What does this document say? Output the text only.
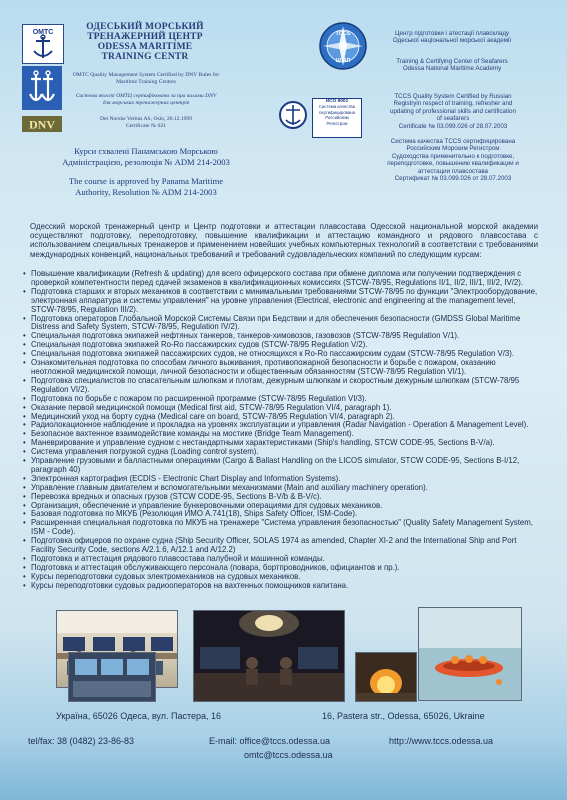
OMTC
DNV
ОДЕСЬКИЙ МОРСЬКИЙ
ТРЕНАЖЕРНИЙ ЦЕНТР
ODESSA MARITIME
TRAINING CENTR
OMTC Quality Management System Certified by DNV Rules for Maritime Training Centres
Система якості ОМТЦ сертифікована за пра вилами DNV для морських тренажерних центрів
Det Norske Veritas AS, Oslo, 20.12.1999
Certificate № 021
TCCS
ЦПАП
Центр підготовки і атестації плавскладу
Одеської національної морської академії
Training & Certifying Center of Seafarers
Odessa National Maritime Academy
ИСО 9001
Система качества
сертифицирована
Российским
Регистром
TCCS Quality System Certified by Russian
Registryin respect of training, refresher and
updating of professional skills and certification
of seafarers
Certificate № 03.099.026 of 28.07.2003
Система качества TCCS сертифицирована
Российским Морским Регистром
Судоходства применительно к подготовке,
переподготовке, повышению квалификации и
аттестации плавсостава
Сертификат № 03.099.026 от 28.07.2003
Курси схвалені Панамською Морською Адміністрацією, резолюція № ADM 214-2003
The course is approved by Panama Maritime Authority, Resolution № ADM 214-2003
Одесский морской тренажерный центр и Центр подготовки и аттестации плавсостава Одесской национальной морской академии осуществляют подготовку, переподготовку, повышение квалификации и аттестацию командного и рядового плавсостава с использованием специальных тренажеров и применением новейших учебных компьютерных технологий в соответствии с требованиями международных конвенций, национальных требований и требований судовладельческих компаний по следующим курсам:
• Повышение квалификации (Refresh & updating) для всего офицерского состава при обмене диплома или получении подтверждения с проверкой компетентности перед сдачей экзаменов в квалификационных комиссиях (STCW-78/95, Regulations II/1, II/2, III/1, III/2, IV/2).
• Подготовка старших и вторых механиков в соответствии с минимальными требованиями STCW-78/95 по функции "Электрооборудование, электронная аппаратура и системы управления" на уровне управления (Electrical, electronic and engineering at the management level, STCW-78/95, Regulation III/2).
• Подготовка операторов Глобальной Морской Системы Связи при Бедствии и для обеспечения безопасности (GMDSS Global Maritime Distress and Safety System, STCW-78/95, Regulation IV/2).
• Специальная подготовка экипажей нефтяных танкеров, танкеров-химовозов, газовозов (STCW-78/95 Regulation V/1).
• Специальная подготовка экипажей Ro-Ro пассажирских судов (STCW-78/95 Regulation V/2).
• Специальная подготовка экипажей пассажирских судов, не относящихся к Ro-Ro пассажирским судам (STCW-78/95 Regulation V/3).
• Ознакомительная подготовка по способам личного выживания, противопожарной безопасности и борьбе с пожаром, оказанию неотложной медицинской помощи, личной безопасности и общественным обязанностям (STCW-78/95 Regulation VI/1).
• Подготовка специалистов по спасательным шлюпкам и плотам, дежурным шлюпкам и скоростным дежурным шлюпкам (STCW-78/95 Regulation VI/2).
• Подготовка по борьбе с пожаром по расширенной программе (STCW-78/95 Regulation VI/3).
• Оказание первой медицинской помощи (Medical first aid, STCW-78/95 Regulation VI/4, paragraph 1).
• Медицинский уход на борту судна (Medical care on board, STCW-78/95 Regulation VI/4, paragraph 2).
• Радиолокационное наблюдение и прокладка на уровнях эксплуатации и управления (Radar Navigation - Operation & Management Level).
• Безопасное вахтенное взаимодействие команды на мостике (Bridge Team Management).
• Маневрирование и управление судном с нестандартными характеристиками (Ship's handling, STCW CODE-95, Sections B-V/a).
• Система управления погрузкой судна (Loading control system).
• Управление грузовыми и балластными операциями (Cargo & Ballast Handling on the LICOS simulator, STCW CODE-95, Sections B-I/12, paragraph 40)
• Электронная картография (ECDIS - Electronic Chart Display and Information Systems).
• Управление главным двигателем и вспомогательными механизмами (Main and auxiliary machinery operation).
• Перевозка вредных и опасных грузов (STCW CODE-95, Sections B-V/b & B-V/c).
• Организация, обеспечение и управление бункеровочными операциями для судовых механиков.
• Базовая подготовка по МКУБ (Резолюция ИМО А.741(18), Ships Safety Officer, ISM-Code).
• Расширенная специальная подготовка по МКУБ на тренажере "Система управления безопасностью" (Quality Safety Management System, ISM - Code).
• Подготовка офицеров по охране судна (Ship Security Officer, SOLAS 1974 as amended, Chapter XI-2 and the International Ship and Port Facility Security Code, sections A/2.1.6, A/12.1 and A/12.2)
• Подготовка и аттестация рядового плавсостава палубной и машинной команды.
• Подготовка и аттестация обслуживающего персонала (повара, бортпроводников, официантов и пр.).
• Курсы переподготовки судовых электромехаников на судовых механиков.
• Курсы переподготовки судовых радиооператоров на вахтенных помощников капитана.
Україна, 65026 Одеса, вул. Пастера, 16	16, Pastera str., Odessa, 65026, Ukraine
tel/fax: 38 (0482) 23-86-83	E-mail: office@tccs.odessa.ua
omtc@tccs.odessa.ua
http://www.tccs.odessa.ua
